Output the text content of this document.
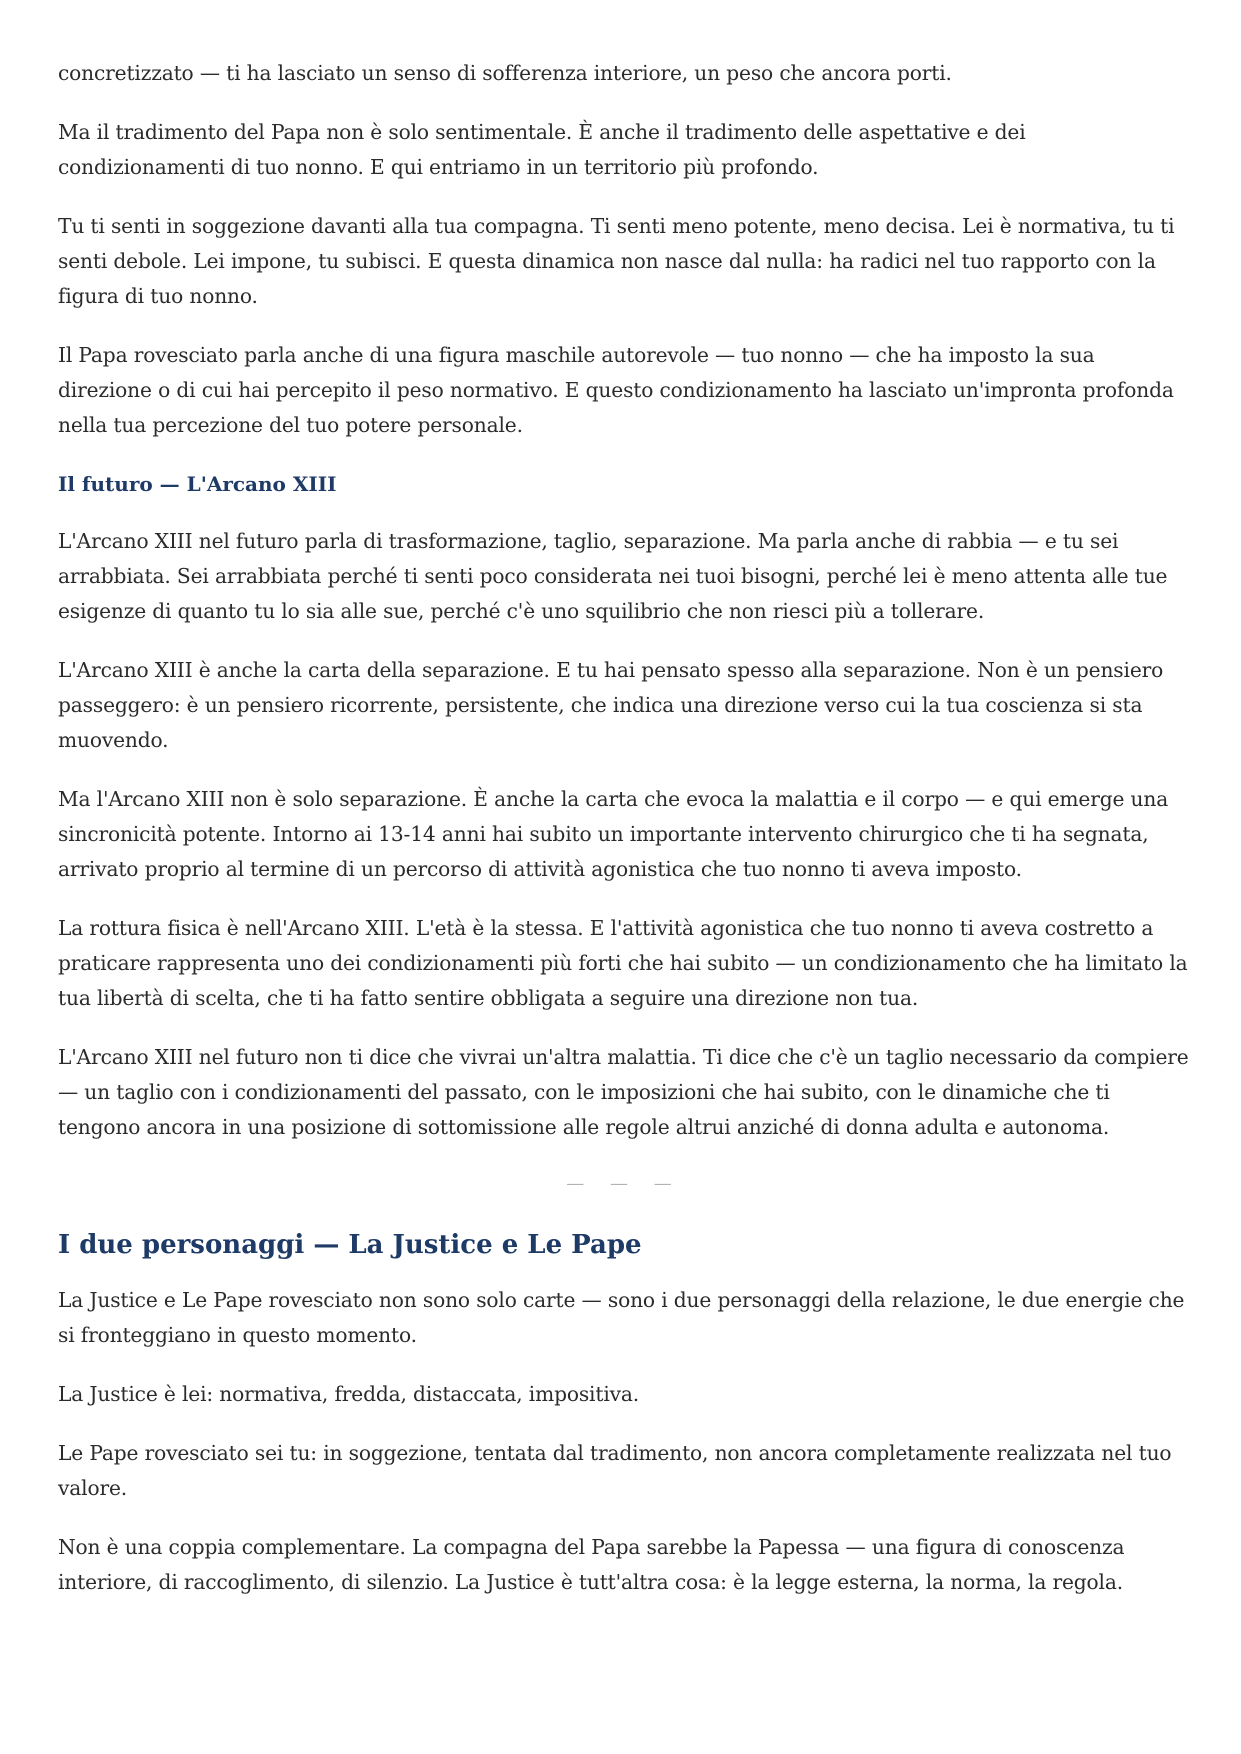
concretizzato — ti ha lasciato un senso di sofferenza interiore, un peso che ancora porti.

Ma il tradimento del Papa non è solo sentimentale. È anche il tradimento delle aspettative e dei condizionamenti di tuo nonno. E qui entriamo in un territorio più profondo.

Tu ti senti in soggezione davanti alla tua compagna. Ti senti meno potente, meno decisa. Lei è normativa, tu ti senti debole. Lei impone, tu subisci. E questa dinamica non nasce dal nulla: ha radici nel tuo rapporto con la figura di tuo nonno.

Il Papa rovesciato parla anche di una figura maschile autorevole — tuo nonno — che ha imposto la sua direzione o di cui hai percepito il peso normativo. E questo condizionamento ha lasciato un'impronta profonda nella tua percezione del tuo potere personale.

Il futuro — L'Arcano XIII

L'Arcano XIII nel futuro parla di trasformazione, taglio, separazione. Ma parla anche di rabbia — e tu sei arrabbiata. Sei arrabbiata perché ti senti poco considerata nei tuoi bisogni, perché lei è meno attenta alle tue esigenze di quanto tu lo sia alle sue, perché c'è uno squilibrio che non riesci più a tollerare.

L'Arcano XIII è anche la carta della separazione. E tu hai pensato spesso alla separazione. Non è un pensiero passeggero: è un pensiero ricorrente, persistente, che indica una direzione verso cui la tua coscienza si sta muovendo.

Ma l'Arcano XIII non è solo separazione. È anche la carta che evoca la malattia e il corpo — e qui emerge una sincronicità potente. Intorno ai 13-14 anni hai subito un importante intervento chirurgico che ti ha segnata, arrivato proprio al termine di un percorso di attività agonistica che tuo nonno ti aveva imposto.

La rottura fisica è nell'Arcano XIII. L'età è la stessa. E l'attività agonistica che tuo nonno ti aveva costretto a praticare rappresenta uno dei condizionamenti più forti che hai subito — un condizionamento che ha limitato la tua libertà di scelta, che ti ha fatto sentire obbligata a seguire una direzione non tua.

L'Arcano XIII nel futuro non ti dice che vivrai un'altra malattia. Ti dice che c'è un taglio necessario da compiere — un taglio con i condizionamenti del passato, con le imposizioni che hai subito, con le dinamiche che ti tengono ancora in una posizione di sottomissione alle regole altrui anziché di donna adulta e autonoma.

— — —
I due personaggi — La Justice e Le Pape

La Justice e Le Pape rovesciato non sono solo carte — sono i due personaggi della relazione, le due energie che si fronteggiano in questo momento.

La Justice è lei: normativa, fredda, distaccata, impositiva.

Le Pape rovesciato sei tu: in soggezione, tentata dal tradimento, non ancora completamente realizzata nel tuo valore.

Non è una coppia complementare. La compagna del Papa sarebbe la Papessa — una figura di conoscenza interiore, di raccoglimento, di silenzio. La Justice è tutt'altra cosa: è la legge esterna, la norma, la regola.
